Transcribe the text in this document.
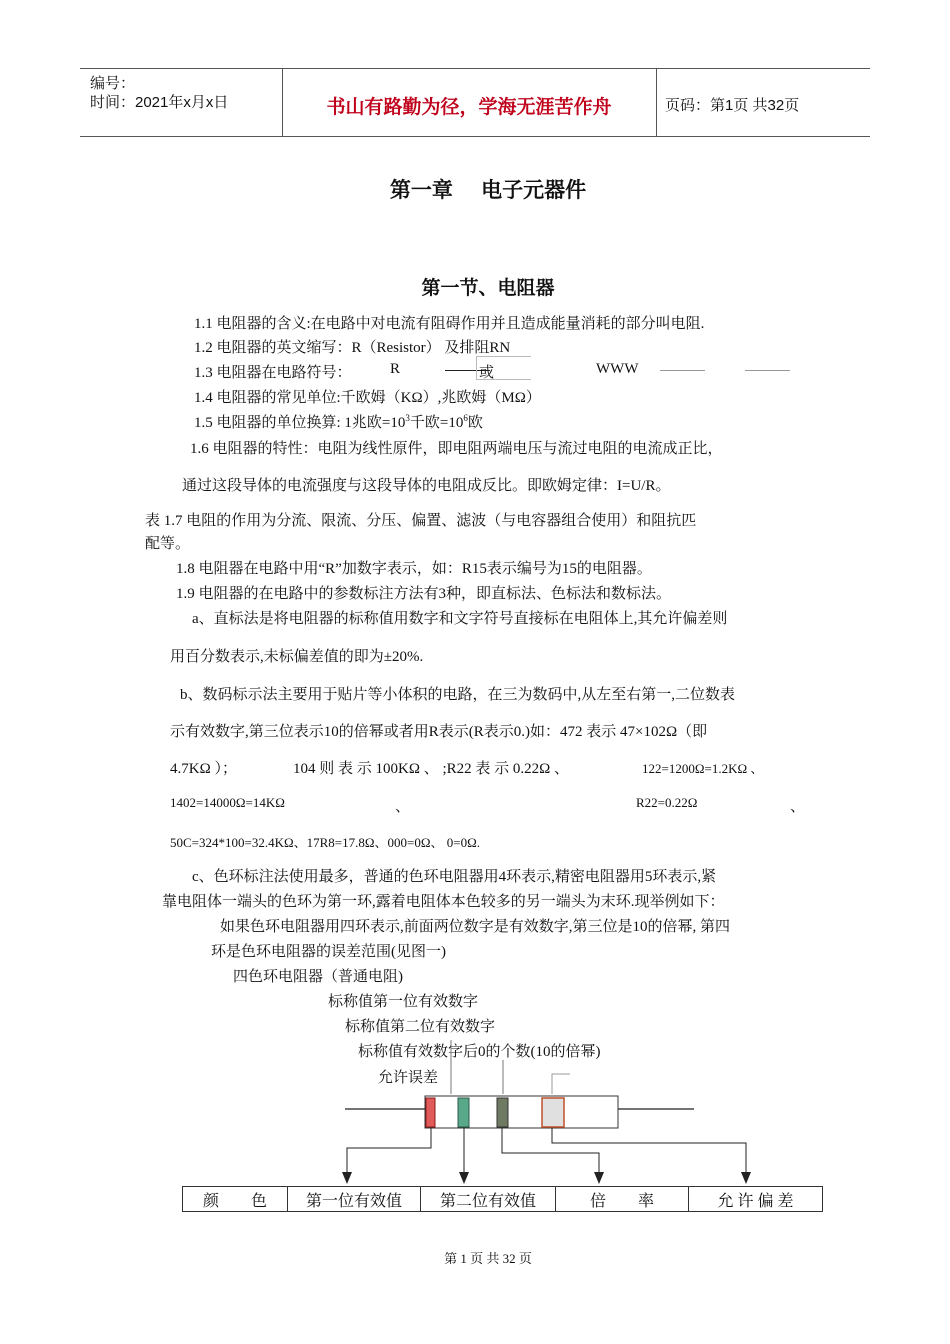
编号：
时间：2021年x月x日	书山有路勤为径，学海无涯苦作舟	页码：第1页 共32页
第一章　 电子元器件
第一节、电阻器
1.1 电阻器的含义:在电路中对电流有阻碍作用并且造成能量消耗的部分叫电阻.
1.2 电阻器的英文缩写：R（Resistor） 及排阻RN
1.3 电阻器在电路符号：	R	或	WWW
1.4 电阻器的常见单位:千欧姆（KΩ）,兆欧姆（MΩ）
1.5 电阻器的单位换算: 1兆欧$=10^3$千欧$=10^6$欧
1.6 电阻器的特性：电阻为线性原件，即电阻两端电压与流过电阻的电流成正比，
通过这段导体的电流强度与这段导体的电阻成反比。即欧姆定律：I=U/R。
表 1.7 电阻的作用为分流、限流、分压、偏置、滤波（与电容器组合使用）和阻抗匹
配等。
1.8 电阻器在电路中用“R”加数字表示，如：R15表示编号为15的电阻器。
1.9 电阻器的在电路中的参数标注方法有3种，即直标法、色标法和数标法。
a、直标法是将电阻器的标称值用数字和文字符号直接标在电阻体上,其允许偏差则
用百分数表示,未标偏差值的即为±20%.
b、数码标示法主要用于贴片等小体积的电路，在三为数码中,从左至右第一,二位数表
示有效数字,第三位表示10的倍幂或者用R表示(R表示0.)如：472 表示 47×102Ω（即
4.7KΩ ）；	104 则 表 示 100KΩ 、 ;R22 表 示 0.22Ω 、	122=1200Ω=1.2KΩ 、
1402=14000Ω=14KΩ	、	R22=0.22Ω	、
50C=324*100=32.4KΩ、17R8=17.8Ω、000=0Ω、 0=0Ω.
c、色环标注法使用最多，普通的色环电阻器用4环表示,精密电阻器用5环表示,紧
靠电阻体一端头的色环为第一环,露着电阻体本色较多的另一端头为末环.现举例如下：
如果色环电阻器用四环表示,前面两位数字是有效数字,第三位是10的倍幂, 第四
环是色环电阻器的误差范围(见图一)
四色环电阻器（普通电阻)
标称值第一位有效数字
标称值第二位有效数字
标称值有效数字后0的个数(10的倍幂)
允许误差
颜　　色	第一位有效值	第二位有效值	倍　　率	允 许 偏 差
第 1 页 共 32 页
